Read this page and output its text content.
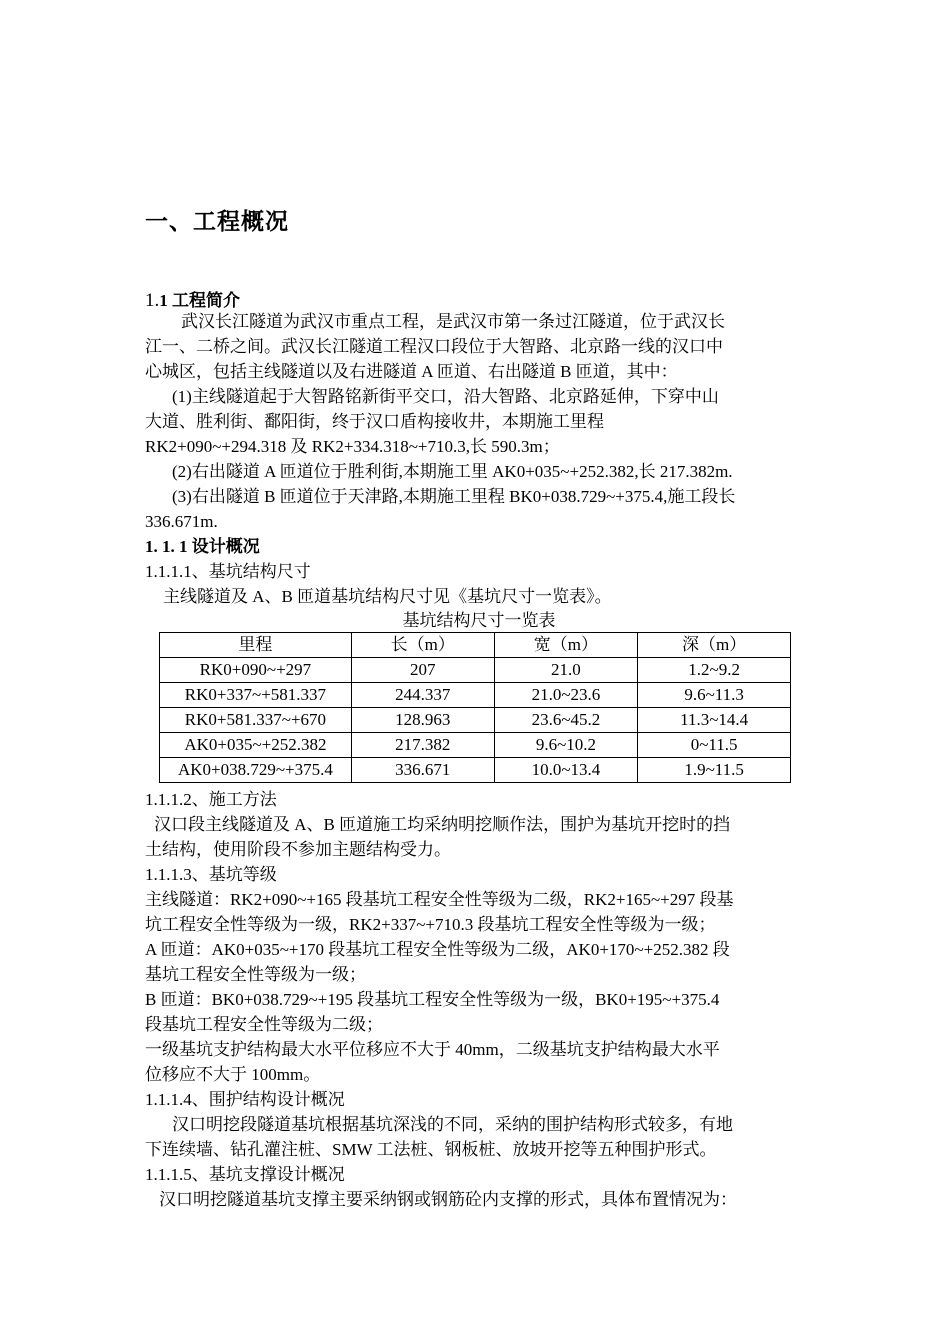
一、工程概况
1.1 工程简介
武汉长江隧道为武汉市重点工程，是武汉市第一条过江隧道，位于武汉长
江一、二桥之间。武汉长江隧道工程汉口段位于大智路、北京路一线的汉口中
心城区，包括主线隧道以及右进隧道 A 匝道、右出隧道 B 匝道，其中：
(1)主线隧道起于大智路铭新街平交口，沿大智路、北京路延伸，下穿中山
大道、胜利街、鄱阳街，终于汉口盾构接收井，本期施工里程
RK2+090~+294.318 及 RK2+334.318~+710.3,长 590.3m；
(2)右出隧道 A 匝道位于胜利街,本期施工里 AK0+035~+252.382,长 217.382m.
(3)右出隧道 B 匝道位于天津路,本期施工里程 BK0+038.729~+375.4,施工段长
336.671m.
1. 1. 1 设计概况
1.1.1.1、基坑结构尺寸
主线隧道及 A、B 匝道基坑结构尺寸见《基坑尺寸一览表》。
基坑结构尺寸一览表
里程	长（m）	宽（m）	深（m）
RK0+090~+297	207	21.0	1.2~9.2
RK0+337~+581.337	244.337	21.0~23.6	9.6~11.3
RK0+581.337~+670	128.963	23.6~45.2	11.3~14.4
AK0+035~+252.382	217.382	9.6~10.2	0~11.5
AK0+038.729~+375.4	336.671	10.0~13.4	1.9~11.5
1.1.1.2、施工方法
汉口段主线隧道及 A、B 匝道施工均采纳明挖顺作法，围护为基坑开挖时的挡
土结构，使用阶段不参加主题结构受力。
1.1.1.3、基坑等级
主线隧道：RK2+090~+165 段基坑工程安全性等级为二级，RK2+165~+297 段基
坑工程安全性等级为一级，RK2+337~+710.3 段基坑工程安全性等级为一级；
A 匝道：AK0+035~+170 段基坑工程安全性等级为二级，AK0+170~+252.382 段
基坑工程安全性等级为一级；
B 匝道：BK0+038.729~+195 段基坑工程安全性等级为一级，BK0+195~+375.4
段基坑工程安全性等级为二级；
一级基坑支护结构最大水平位移应不大于 40mm，二级基坑支护结构最大水平
位移应不大于 100mm。
1.1.1.4、围护结构设计概况
汉口明挖段隧道基坑根据基坑深浅的不同，采纳的围护结构形式较多，有地
下连续墙、钻孔灌注桩、SMW 工法桩、钢板桩、放坡开挖等五种围护形式。
1.1.1.5、基坑支撑设计概况
汉口明挖隧道基坑支撑主要采纳钢或钢筋砼内支撑的形式，具体布置情况为：
